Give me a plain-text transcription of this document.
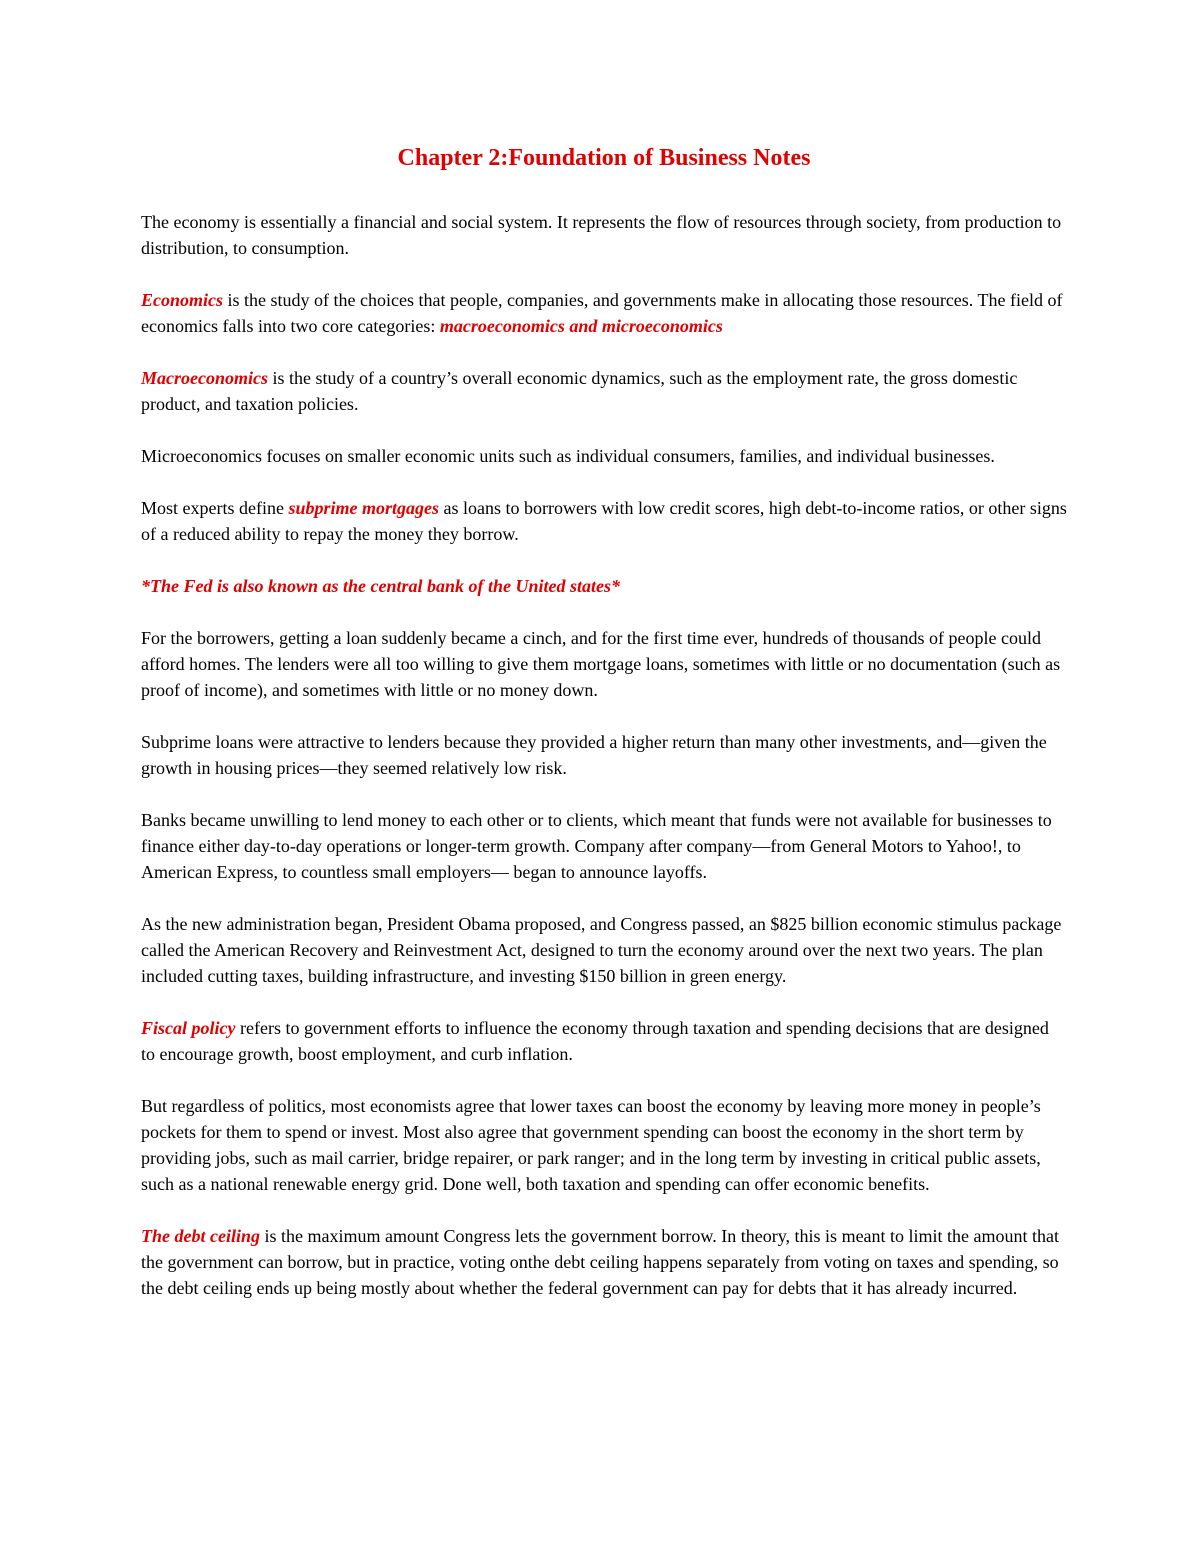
Chapter 2:Foundation of Business Notes

The economy is essentially a financial and social system. It represents the flow of resources through society, from production to distribution, to consumption.

Economics is the study of the choices that people, companies, and governments make in allocating those resources. The field of economics falls into two core categories: macroeconomics and microeconomics

Macroeconomics is the study of a country’s overall economic dynamics, such as the employment rate, the gross domestic product, and taxation policies.

Microeconomics focuses on smaller economic units such as individual consumers, families, and individual businesses.

Most experts define subprime mortgages as loans to borrowers with low credit scores, high debt-to-income ratios, or other signs of a reduced ability to repay the money they borrow.

*The Fed is also known as the central bank of the United states*

For the borrowers, getting a loan suddenly became a cinch, and for the first time ever, hundreds of thousands of people could afford homes. The lenders were all too willing to give them mortgage loans, sometimes with little or no documentation (such as proof of income), and sometimes with little or no money down.

Subprime loans were attractive to lenders because they provided a higher return than many other investments, and—given the growth in housing prices—they seemed relatively low risk.

Banks became unwilling to lend money to each other or to clients, which meant that funds were not available for businesses to finance either day-to-day operations or longer-term growth. Company after company—from General Motors to Yahoo!, to American Express, to countless small employers— began to announce layoffs.

As the new administration began, President Obama proposed, and Congress passed, an $825 billion economic stimulus package called the American Recovery and Reinvestment Act, designed to turn the economy around over the next two years. The plan included cutting taxes, building infrastructure, and investing $150 billion in green energy.

Fiscal policy refers to government efforts to influence the economy through taxation and spending decisions that are designed to encourage growth, boost employment, and curb inflation.

But regardless of politics, most economists agree that lower taxes can boost the economy by leaving more money in people’s pockets for them to spend or invest. Most also agree that government spending can boost the economy in the short term by providing jobs, such as mail carrier, bridge repairer, or park ranger; and in the long term by investing in critical public assets, such as a national renewable energy grid. Done well, both taxation and spending can offer economic benefits.

The debt ceiling is the maximum amount Congress lets the government borrow. In theory, this is meant to limit the amount that the government can borrow, but in practice, voting onthe debt ceiling happens separately from voting on taxes and spending, so the debt ceiling ends up being mostly about whether the federal government can pay for debts that it has already incurred.
